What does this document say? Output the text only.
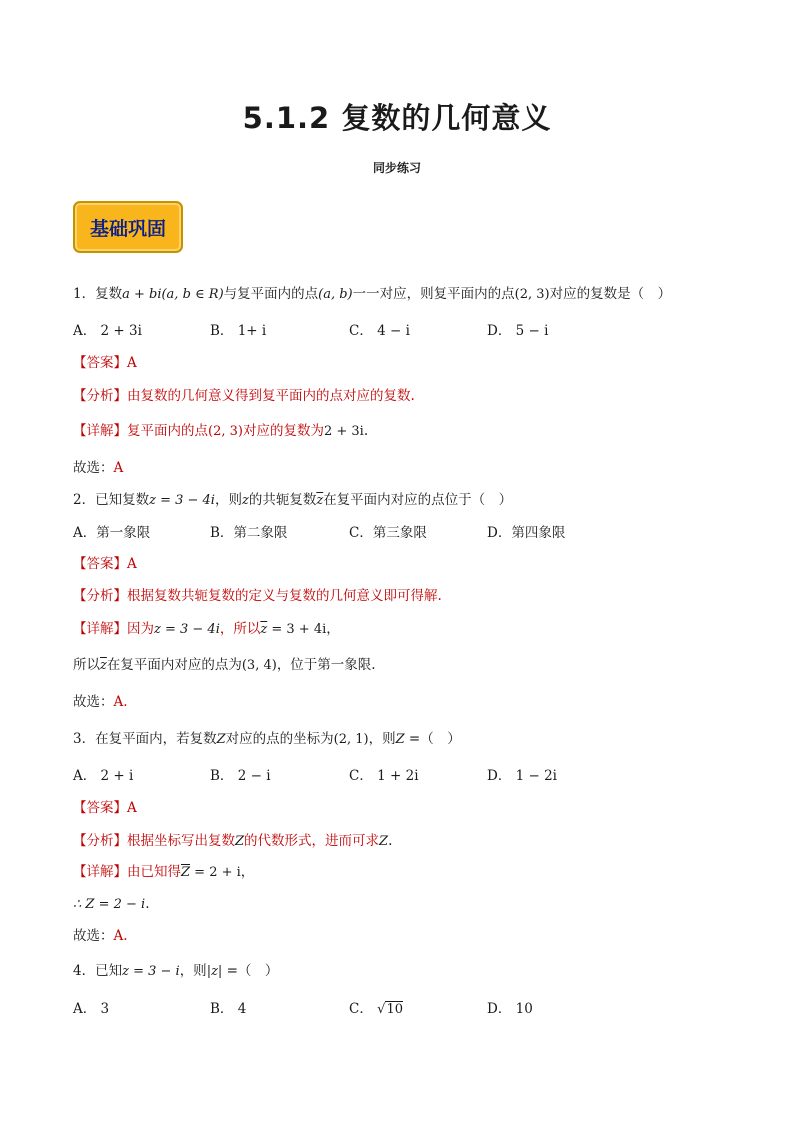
5.1.2 复数的几何意义
同步练习
基础巩固
1．复数a + bi(a, b ∈ R)与复平面内的点(a, b)一一对应，则复平面内的点(2, 3)对应的复数是（　）
A． 2 + 3i	B． 1+ i	C． 4 − i	D． 5 − i
【答案】A
【分析】由复数的几何意义得到复平面内的点对应的复数.
【详解】复平面内的点(2, 3)对应的复数为2 + 3i.
故选：A
2．已知复数z = 3 − 4i，则z的共轭复数$\overline{z}$在复平面内对应的点位于（　）
A．第一象限	B．第二象限	C．第三象限	D．第四象限
【答案】A
【分析】根据复数共轭复数的定义与复数的几何意义即可得解.
【详解】因为z = 3 − 4i，所以$\overline{z} = 3 + 4i$，
所以$\overline{z}$在复平面内对应的点为(3, 4)，位于第一象限.
故选：A.
3．在复平面内，若复数Z对应的点的坐标为(2, 1)，则Z =（　）
A． 2 + i	B． 2 − i	C． 1 + 2i	D． 1 − 2i
【答案】A
【分析】根据坐标写出复数Z的代数形式，进而可求Z.
【详解】由已知得$\overline{Z} = 2 + i$，
∴ Z = 2 − i.
故选：A.
4．已知z = 3 − i，则|z| =（　）
A． 3	B． 4	C． √10	D． 10
